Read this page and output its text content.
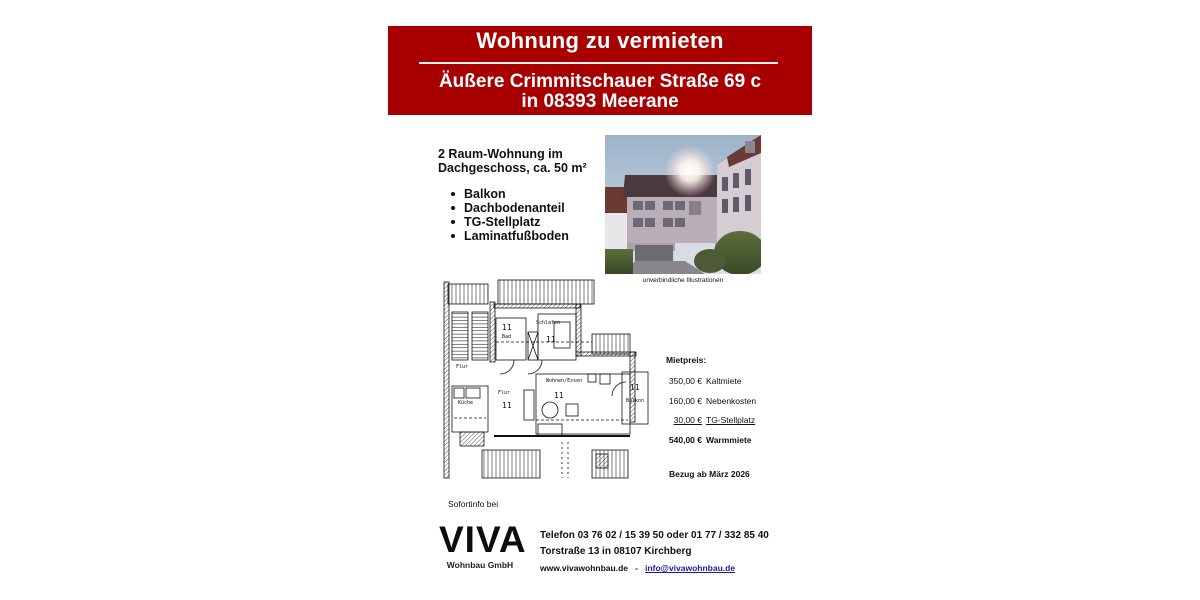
Wohnung zu vermieten
Äußere Crimmitschauer Straße 69 c
in 08393 Meerane
2 Raum-Wohnung im
Dachgeschoss, ca. 50 m²
Balkon
Dachbodenanteil
TG-Stellplatz
Laminatfußboden
unverbindliche Illustrationen
11
Bad
Schlafen
11
Flur
Flur
11
Küche
Wohnen/Essen
11
11
Balkon
Mietpreis:
350,00 € Kaltmiete
160,00 € Nebenkosten
30,00 € TG-Stellplatz
540,00 € Warmmiete
Bezug ab März 2026
Sofortinfo bei
VIVA
Wohnbau GmbH
Telefon 03 76 02 / 15 39 50 oder 01 77 / 332 85 40
Torstraße 13 in 08107 Kirchberg
www.vivawohnbau.de - info@vivawohnbau.de
